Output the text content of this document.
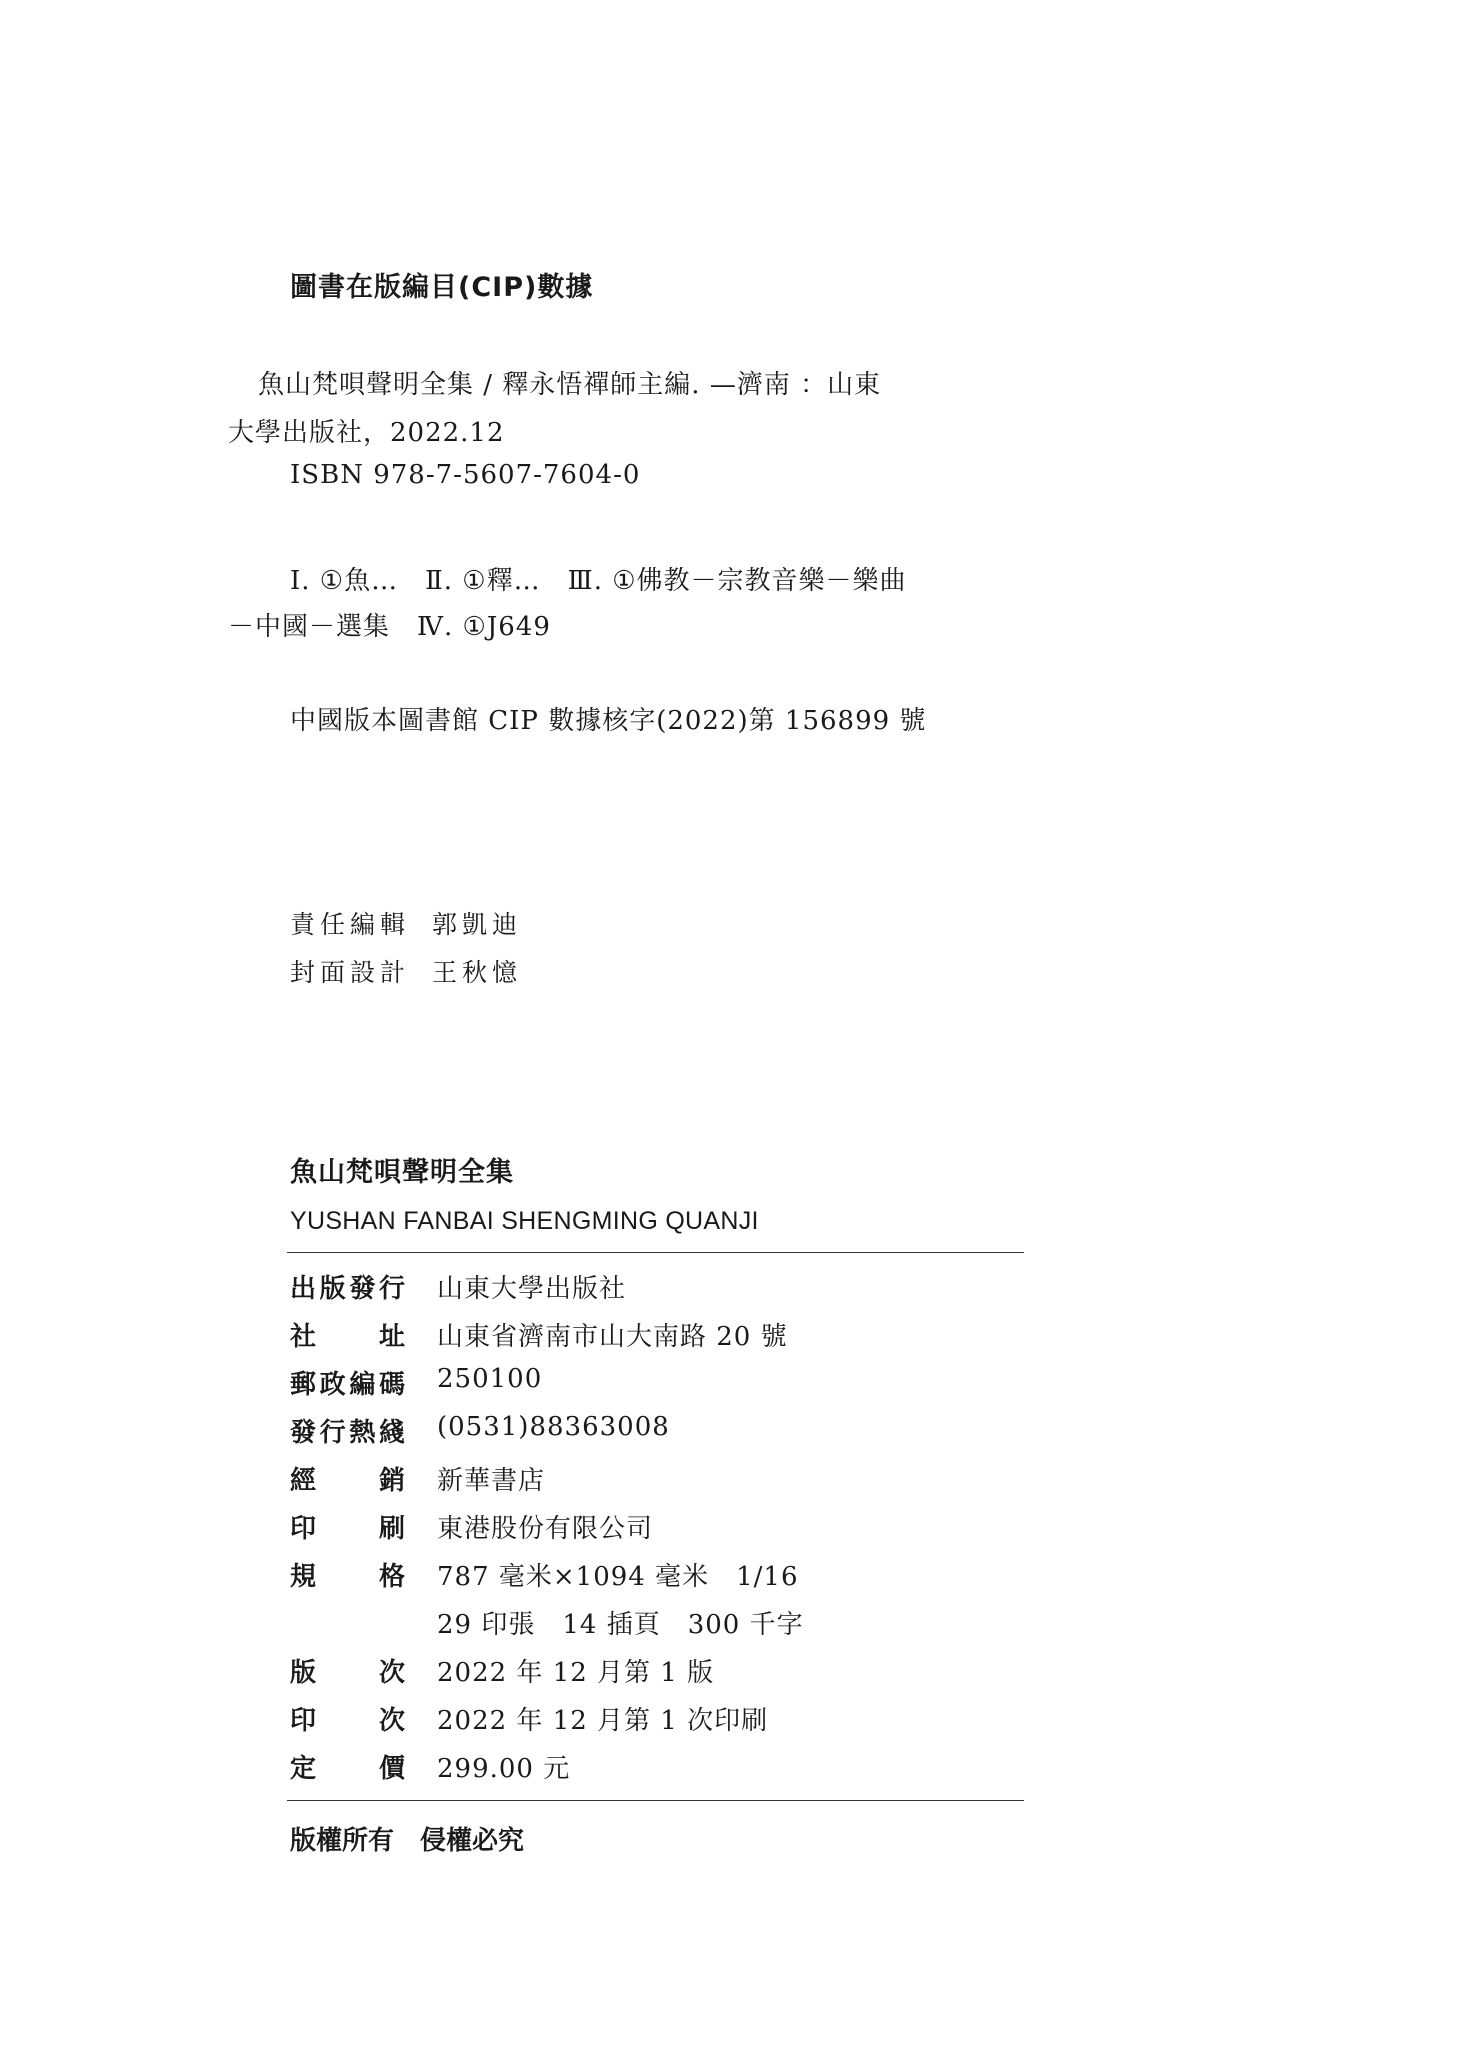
圖書在版編目(CIP)數據
魚山梵唄聲明全集 / 釋永悟禪師主編. —濟南 ：山東
大學出版社，2022.12
ISBN 978-7-5607-7604-0
Ⅰ. ①魚…　Ⅱ. ①釋…　Ⅲ. ①佛教－宗教音樂－樂曲
－中國－選集　Ⅳ. ①J649
中國版本圖書館 CIP 數據核字(2022)第 156899 號
責任編輯 郭凱迪
封面設計 王秋憶
魚山梵唄聲明全集
YUSHAN FANBAI SHENGMING QUANJI
出 版 發 行 山東大學出版社
社 址 山東省濟南市山大南路 20 號
郵 政 編 碼 250100
發 行 熱 綫 (0531)88363008
經 銷 新華書店
印 刷 東港股份有限公司
規 格 787 毫米×1094 毫米　1/16
29 印張　14 插頁　300 千字
版 次 2022 年 12 月第 1 版
印 次 2022 年 12 月第 1 次印刷
定 價 299.00 元
版權所有　侵權必究
